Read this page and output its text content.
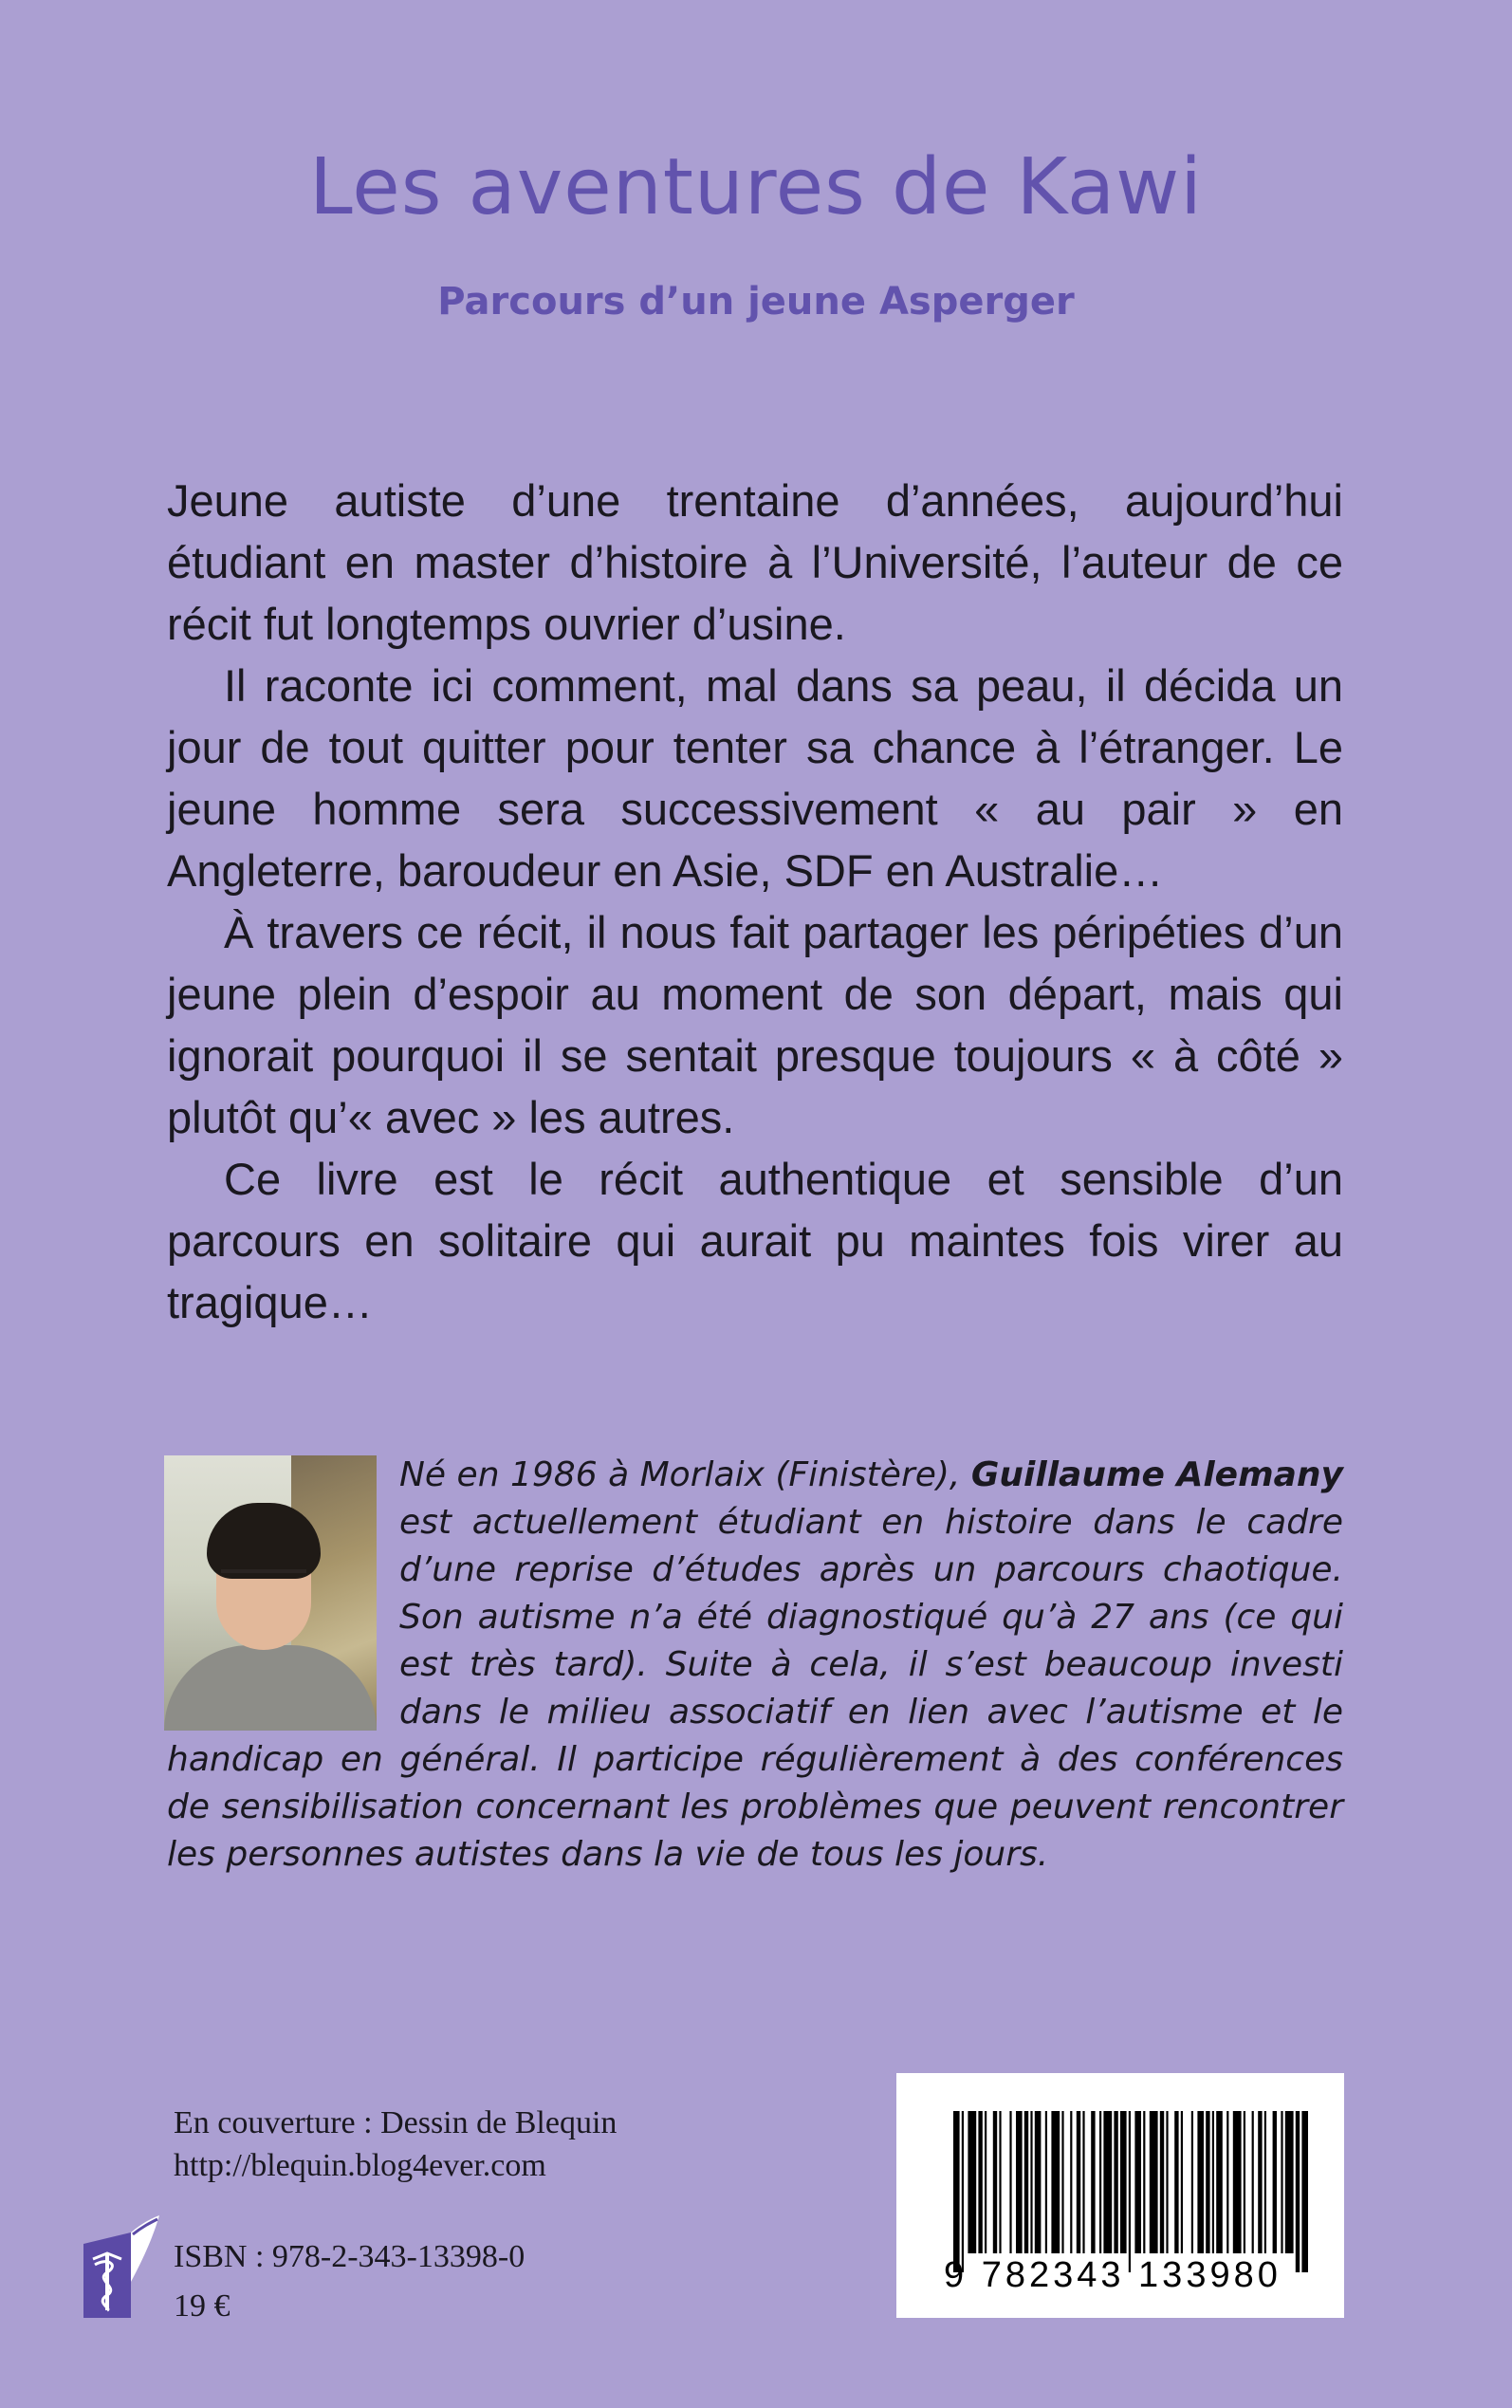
Les aventures de Kawi
Parcours d’un jeune Asperger

Jeune autiste d’une trentaine d’années, aujourd’hui étudiant en master d’histoire à l’Université, l’auteur de ce récit fut longtemps ouvrier d’usine.

Il raconte ici comment, mal dans sa peau, il décida un jour de tout quitter pour tenter sa chance à l’étranger. Le jeune homme sera successivement « au pair » en Angleterre, baroudeur en Asie, SDF en Australie…

À travers ce récit, il nous fait partager les péripéties d’un jeune plein d’espoir au moment de son départ, mais qui ignorait pourquoi il se sentait presque toujours « à côté » plutôt qu’« avec » les autres.

Ce livre est le récit authentique et sensible d’un parcours en solitaire qui aurait pu maintes fois virer au tragique…

Né en 1986 à Morlaix (Finistère), Guillaume Alemany est actuellement étudiant en histoire dans le cadre d’une reprise d’études après un parcours chaotique. Son autisme n’a été diagnostiqué qu’à 27 ans (ce qui est très tard). Suite à cela, il s’est beaucoup investi dans le milieu associatif en lien avec l’autisme et le handicap en général. Il participe régulièrement à des conférences de sensibilisation concernant les problèmes que peuvent rencontrer les personnes autistes dans la vie de tous les jours.

En couverture : Dessin de Blequin
http://blequin.blog4ever.com
ISBN : 978-2-343-13398-0
19 €
9 782343 133980
